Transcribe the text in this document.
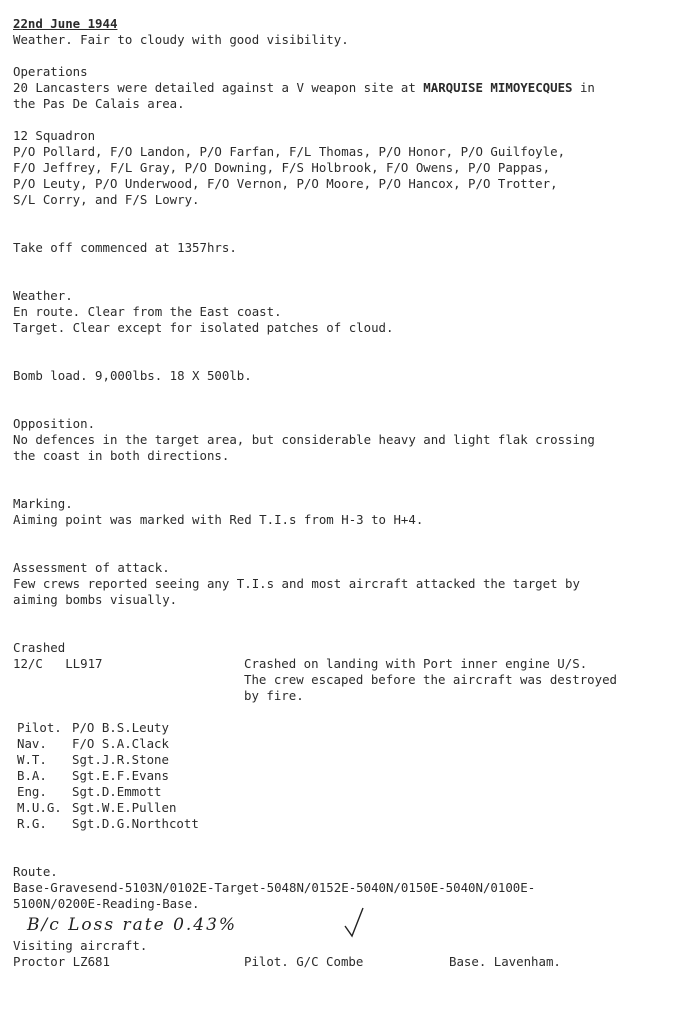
22nd June 1944
Weather. Fair to cloudy with good visibility.
Operations
20 Lancasters were detailed against a V weapon site at MARQUISE MIMOYECQUES in
the Pas De Calais area.
12 Squadron
P/O Pollard, F/O Landon, P/O Farfan, F/L Thomas, P/O Honor, P/O Guilfoyle,
F/O Jeffrey, F/L Gray, P/O Downing, F/S Holbrook, F/O Owens, P/O Pappas,
P/O Leuty, P/O Underwood, F/O Vernon, P/O Moore, P/O Hancox, P/O Trotter,
S/L Corry, and F/S Lowry.
Take off commenced at 1357hrs.
Weather.
En route. Clear from the East coast.
Target. Clear except for isolated patches of cloud.
Bomb load. 9,000lbs. 18 X 500lb.
Opposition.
No defences in the target area, but considerable heavy and light flak crossing
the coast in both directions.
Marking.
Aiming point was marked with Red T.I.s from H-3 to H+4.
Assessment of attack.
Few crews reported seeing any T.I.s and most aircraft attacked the target by
aiming bombs visually.
Crashed
12/C   LL917	Crashed on landing with Port inner engine U/S.
The crew escaped before the aircraft was destroyed
by fire.
Pilot. P/O B.S.Leuty
Nav.	F/O S.A.Clack
W.T.	Sgt.J.R.Stone
B.A.	Sgt.E.F.Evans
Eng.	Sgt.D.Emmott
M.U.G. Sgt.W.E.Pullen
R.G.	Sgt.D.G.Northcott
Route.
Base-Gravesend-5103N/0102E-Target-5048N/0152E-5040N/0150E-5040N/0100E-
5100N/0200E-Reading-Base.
B/c Loss rate 0.43%
Visiting aircraft.
Proctor LZ681	Pilot. G/C Combe	Base. Lavenham.
